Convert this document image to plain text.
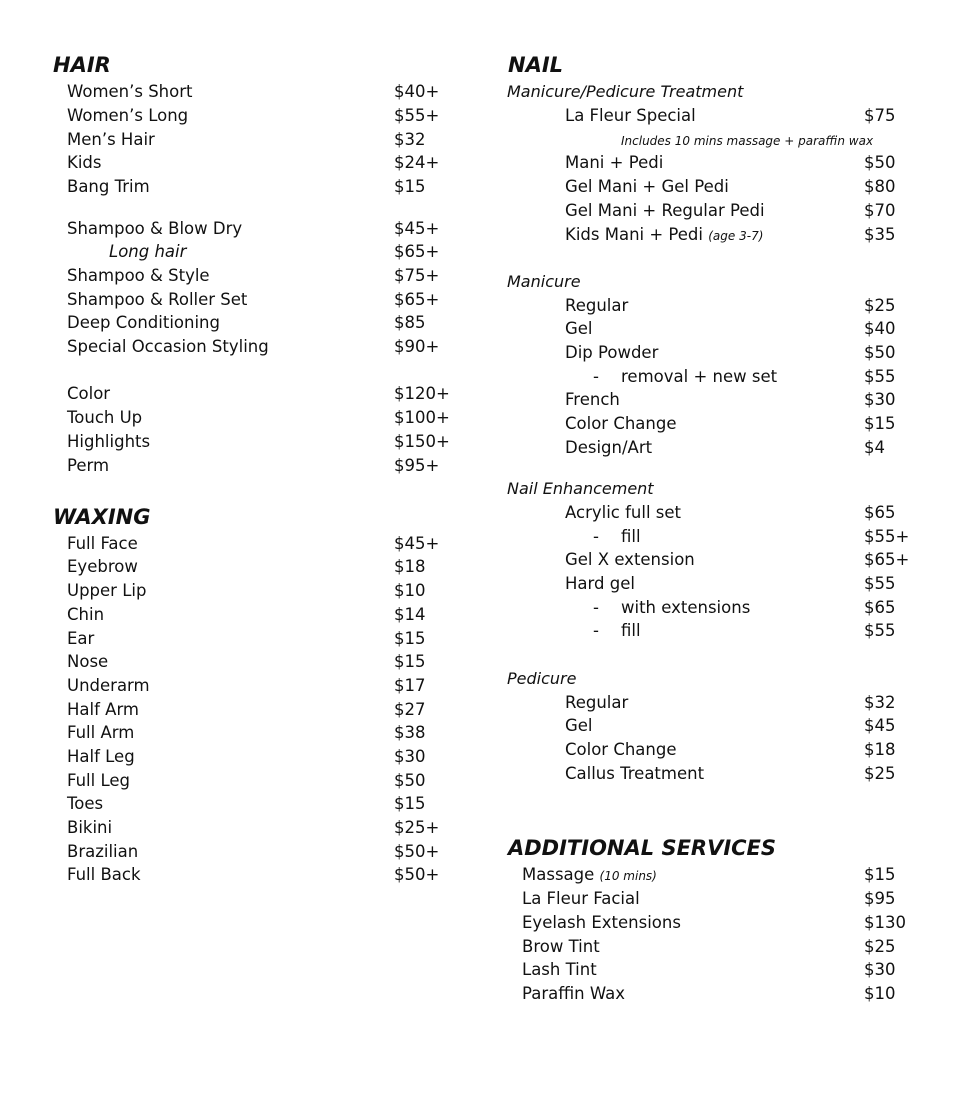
HAIR
Women’s Short	$40+
Women’s Long	$55+
Men’s Hair	$32
Kids	$24+
Bang Trim	$15
Shampoo & Blow Dry	$45+
Long hair	$65+
Shampoo & Style	$75+
Shampoo & Roller Set	$65+
Deep Conditioning	$85
Special Occasion Styling	$90+
Color	$120+
Touch Up	$100+
Highlights	$150+
Perm	$95+
WAXING
Full Face	$45+
Eyebrow	$18
Upper Lip	$10
Chin	$14
Ear	$15
Nose	$15
Underarm	$17
Half Arm	$27
Full Arm	$38
Half Leg	$30
Full Leg	$50
Toes	$15
Bikini	$25+
Brazilian	$50+
Full Back	$50+
NAIL
Manicure/Pedicure Treatment
La Fleur Special	$75
Includes 10 mins massage + paraffin wax
Mani + Pedi	$50
Gel Mani + Gel Pedi	$80
Gel Mani + Regular Pedi	$70
Kids Mani + Pedi (age 3-7)	$35
Manicure
Regular	$25
Gel	$40
Dip Powder	$50
- removal + new set	$55
French	$30
Color Change	$15
Design/Art	$4
Nail Enhancement
Acrylic full set	$65
- fill	$55+
Gel X extension	$65+
Hard gel	$55
- with extensions	$65
- fill	$55
Pedicure
Regular	$32
Gel	$45
Color Change	$18
Callus Treatment	$25
ADDITIONAL SERVICES
Massage (10 mins)	$15
La Fleur Facial	$95
Eyelash Extensions	$130
Brow Tint	$25
Lash Tint	$30
Paraffin Wax	$10
